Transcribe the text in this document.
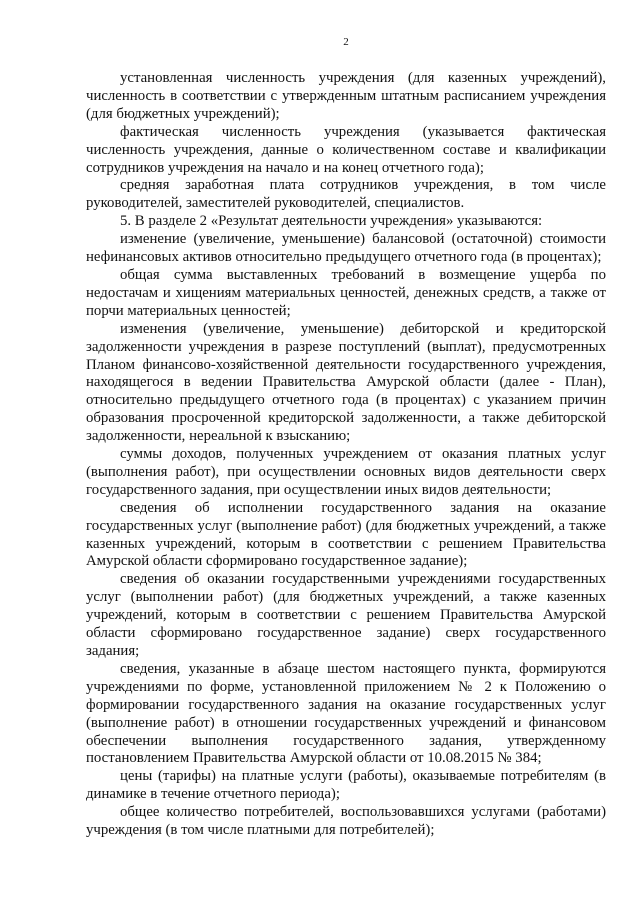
2

установленная численность учреждения (для казенных учреждений), численность в соответствии с утвержденным штатным расписанием учреждения (для бюджетных учреждений);

фактическая численность учреждения (указывается фактическая численность учреждения, данные о количественном составе и квалификации сотрудников учреждения на начало и на конец отчетного года);

средняя заработная плата сотрудников учреждения, в том числе руководителей, заместителей руководителей, специалистов.

5. В разделе 2 «Результат деятельности учреждения» указываются:

изменение (увеличение, уменьшение) балансовой (остаточной) стоимости нефинансовых активов относительно предыдущего отчетного года (в процентах);

общая сумма выставленных требований в возмещение ущерба по недостачам и хищениям материальных ценностей, денежных средств, а также от порчи материальных ценностей;

изменения (увеличение, уменьшение) дебиторской и кредиторской задолженности учреждения в разрезе поступлений (выплат), предусмотренных Планом финансово-хозяйственной деятельности государственного учреждения, находящегося в ведении Правительства Амурской области (далее - План), относительно предыдущего отчетного года (в процентах) с указанием причин образования просроченной кредиторской задолженности, а также дебиторской задолженности, нереальной к взысканию;

суммы доходов, полученных учреждением от оказания платных услуг (выполнения работ), при осуществлении основных видов деятельности сверх государственного задания, при осуществлении иных видов деятельности;

сведения об исполнении государственного задания на оказание государственных услуг (выполнение работ) (для бюджетных учреждений, а также казенных учреждений, которым в соответствии с решением Правительства Амурской области сформировано государственное задание);

сведения об оказании государственными учреждениями государственных услуг (выполнении работ) (для бюджетных учреждений, а также казенных учреждений, которым в соответствии с решением Правительства Амурской области сформировано государственное задание) сверх государственного задания;

сведения, указанные в абзаце шестом настоящего пункта, формируются учреждениями по форме, установленной приложением № 2 к Положению о формировании государственного задания на оказание государственных услуг (выполнение работ) в отношении государственных учреждений и финансовом обеспечении выполнения государственного задания, утвержденному постановлением Правительства Амурской области от 10.08.2015 № 384;

цены (тарифы) на платные услуги (работы), оказываемые потребителям (в динамике в течение отчетного периода);

общее количество потребителей, воспользовавшихся услугами (работами) учреждения (в том числе платными для потребителей);
